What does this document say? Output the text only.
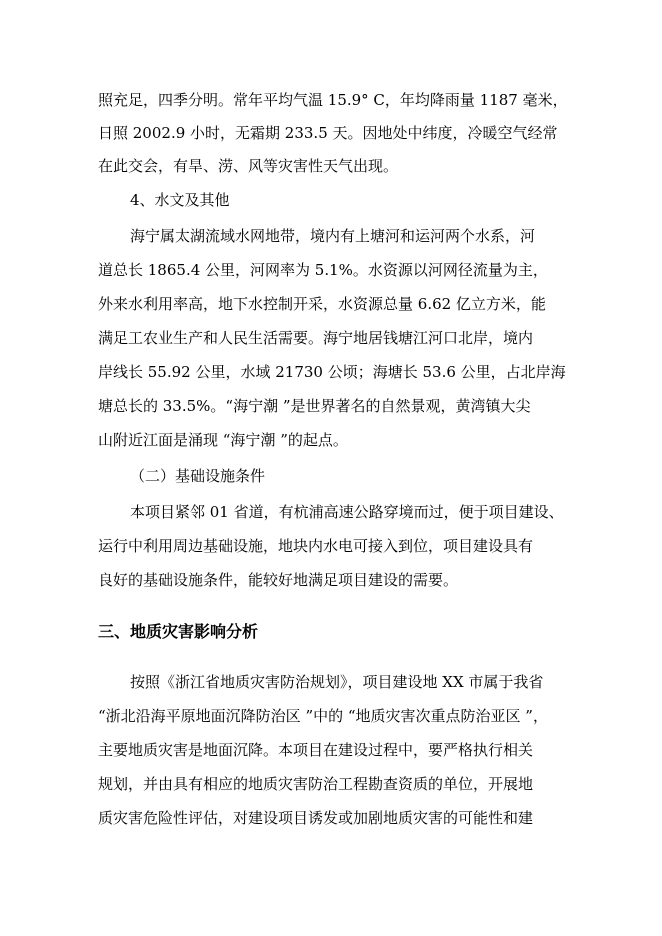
照充足，四季分明。常年平均气温 15.9° C，年均降雨量 1187 毫米，
日照 2002.9 小时，无霜期 233.5 天。因地处中纬度，冷暖空气经常
在此交会，有旱、涝、风等灾害性天气出现。
4、水文及其他
海宁属太湖流域水网地带，境内有上塘河和运河两个水系，河
道总长 1865.4 公里，河网率为 5.1%。水资源以河网径流量为主，
外来水利用率高，地下水控制开采，水资源总量 6.62 亿立方米，能
满足工农业生产和人民生活需要。海宁地居钱塘江河口北岸，境内
岸线长 55.92 公里，水域 21730 公顷；海塘长 53.6 公里，占北岸海
塘总长的 33.5%。“海宁潮 ”是世界著名的自然景观，黄湾镇大尖
山附近江面是涌现 “海宁潮 ”的起点。
（二）基础设施条件
本项目紧邻 01 省道，有杭浦高速公路穿境而过，便于项目建设、
运行中利用周边基础设施，地块内水电可接入到位，项目建设具有
良好的基础设施条件，能较好地满足项目建设的需要。
三、地质灾害影响分析
按照《浙江省地质灾害防治规划》，项目建设地 XX 市属于我省
“浙北沿海平原地面沉降防治区 ”中的 “地质灾害次重点防治亚区 ”，
主要地质灾害是地面沉降。本项目在建设过程中，要严格执行相关
规划，并由具有相应的地质灾害防治工程勘查资质的单位，开展地
质灾害危险性评估，对建设项目诱发或加剧地质灾害的可能性和建
